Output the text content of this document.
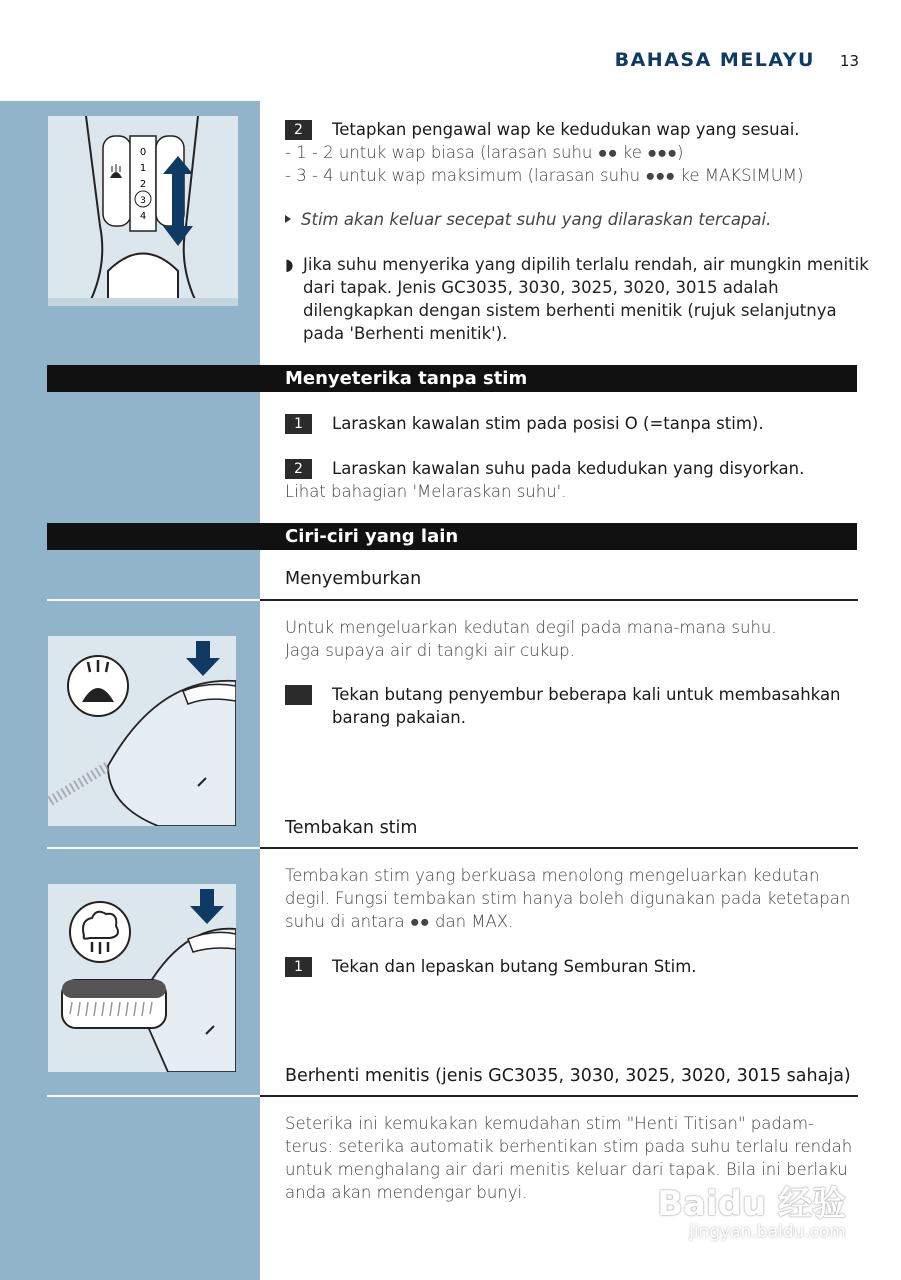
BAHASA MELAYU 13
0
1
2
3
4
2 Tetapkan pengawal wap ke kedudukan wap yang sesuai.
- 1 - 2 untuk wap biasa (larasan suhu ●● ke ●●●)
- 3 - 4 untuk wap maksimum (larasan suhu ●●● ke MAKSIMUM)
Stim akan keluar secepat suhu yang dilaraskan tercapai.
◗ Jika suhu menyerika yang dipilih terlalu rendah, air mungkin menitik dari tapak. Jenis GC3035, 3030, 3025, 3020, 3015 adalah dilengkapkan dengan sistem berhenti menitik (rujuk selanjutnya pada 'Berhenti menitik').
Menyeterika tanpa stim
1 Laraskan kawalan stim pada posisi O (=tanpa stim).
2 Laraskan kawalan suhu pada kedudukan yang disyorkan.
Lihat bahagian 'Melaraskan suhu'.
Ciri-ciri yang lain
Menyemburkan
Untuk mengeluarkan kedutan degil pada mana-mana suhu.
Jaga supaya air di tangki air cukup.
1	Tekan butang penyembur beberapa kali untuk membasahkan barang pakaian.
Tembakan stim
Tembakan stim yang berkuasa menolong mengeluarkan kedutan degil. Fungsi tembakan stim hanya boleh digunakan pada ketetapan suhu di antara ●● dan MAX.
1 Tekan dan lepaskan butang Semburan Stim.
Berhenti menitis (jenis GC3035, 3030, 3025, 3020, 3015 sahaja)
Seterika ini kemukakan kemudahan stim "Henti Titisan" padam-terus: seterika automatik berhentikan stim pada suhu terlalu rendah untuk menghalang air dari menitis keluar dari tapak. Bila ini berlaku anda akan mendengar bunyi.	Baidu 经验
jingyan.baidu.com
